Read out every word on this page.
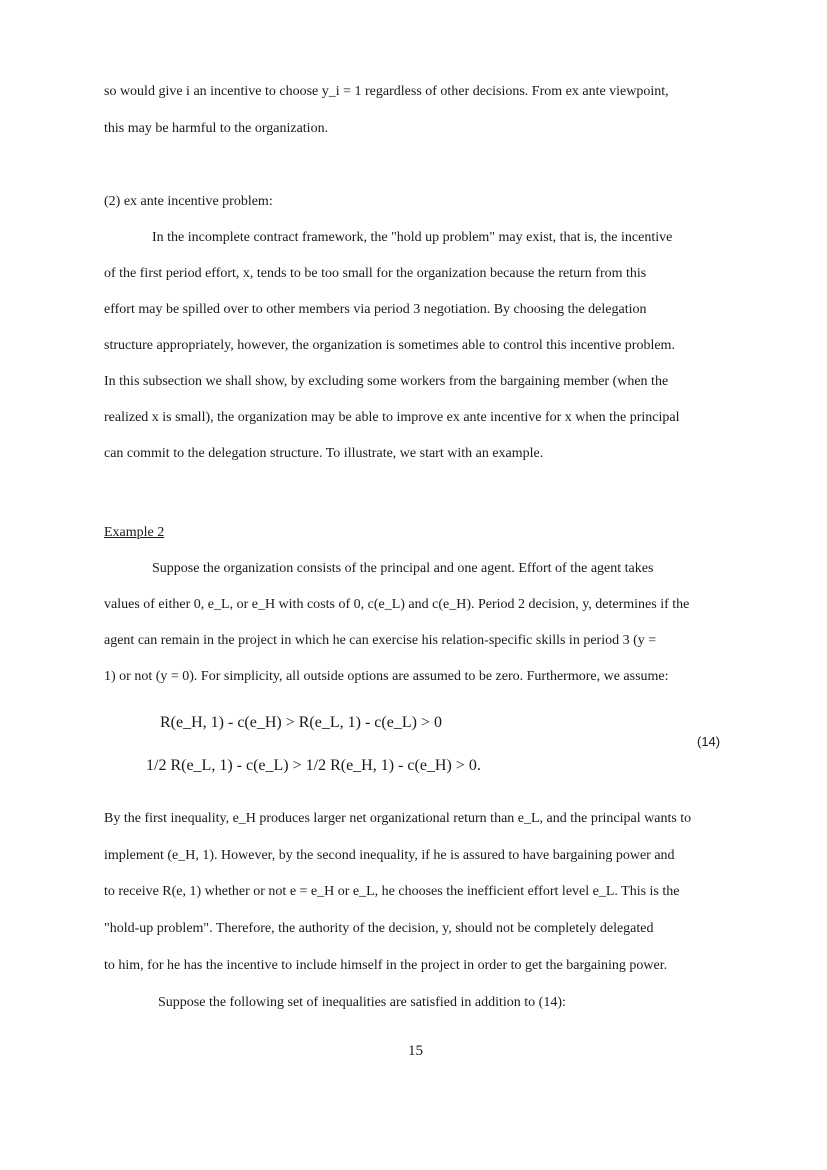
so would give i an incentive to choose y_i = 1 regardless of other decisions. From ex ante viewpoint,
this may be harmful to the organization.
(2) ex ante incentive problem:
In the incomplete contract framework, the "hold up problem" may exist, that is, the incentive
of the first period effort, x, tends to be too small for the organization because the return from this
effort may be spilled over to other members via period 3 negotiation. By choosing the delegation
structure appropriately, however, the organization is sometimes able to control this incentive problem.
In this subsection we shall show, by excluding some workers from the bargaining member (when the
realized x is small), the organization may be able to improve ex ante incentive for x when the principal
can commit to the delegation structure. To illustrate, we start with an example.
Example 2
Suppose the organization consists of the principal and one agent. Effort of the agent takes
values of either 0, e_L, or e_H with costs of 0, c(e_L) and c(e_H). Period 2 decision, y, determines if the
agent can remain in the project in which he can exercise his relation-specific skills in period 3 (y =
1) or not (y = 0). For simplicity, all outside options are assumed to be zero. Furthermore, we assume:
R(e_H, 1) - c(e_H) > R(e_L, 1) - c(e_L) > 0
1/2 R(e_L, 1) - c(e_L) > 1/2 R(e_H, 1) - c(e_H) > 0.
(14)
By the first inequality, e_H produces larger net organizational return than e_L, and the principal wants to
implement (e_H, 1). However, by the second inequality, if he is assured to have bargaining power and
to receive R(e, 1) whether or not e = e_H or e_L, he chooses the inefficient effort level e_L. This is the
"hold-up problem". Therefore, the authority of the decision, y, should not be completely delegated
to him, for he has the incentive to include himself in the project in order to get the bargaining power.
Suppose the following set of inequalities are satisfied in addition to (14):
15
